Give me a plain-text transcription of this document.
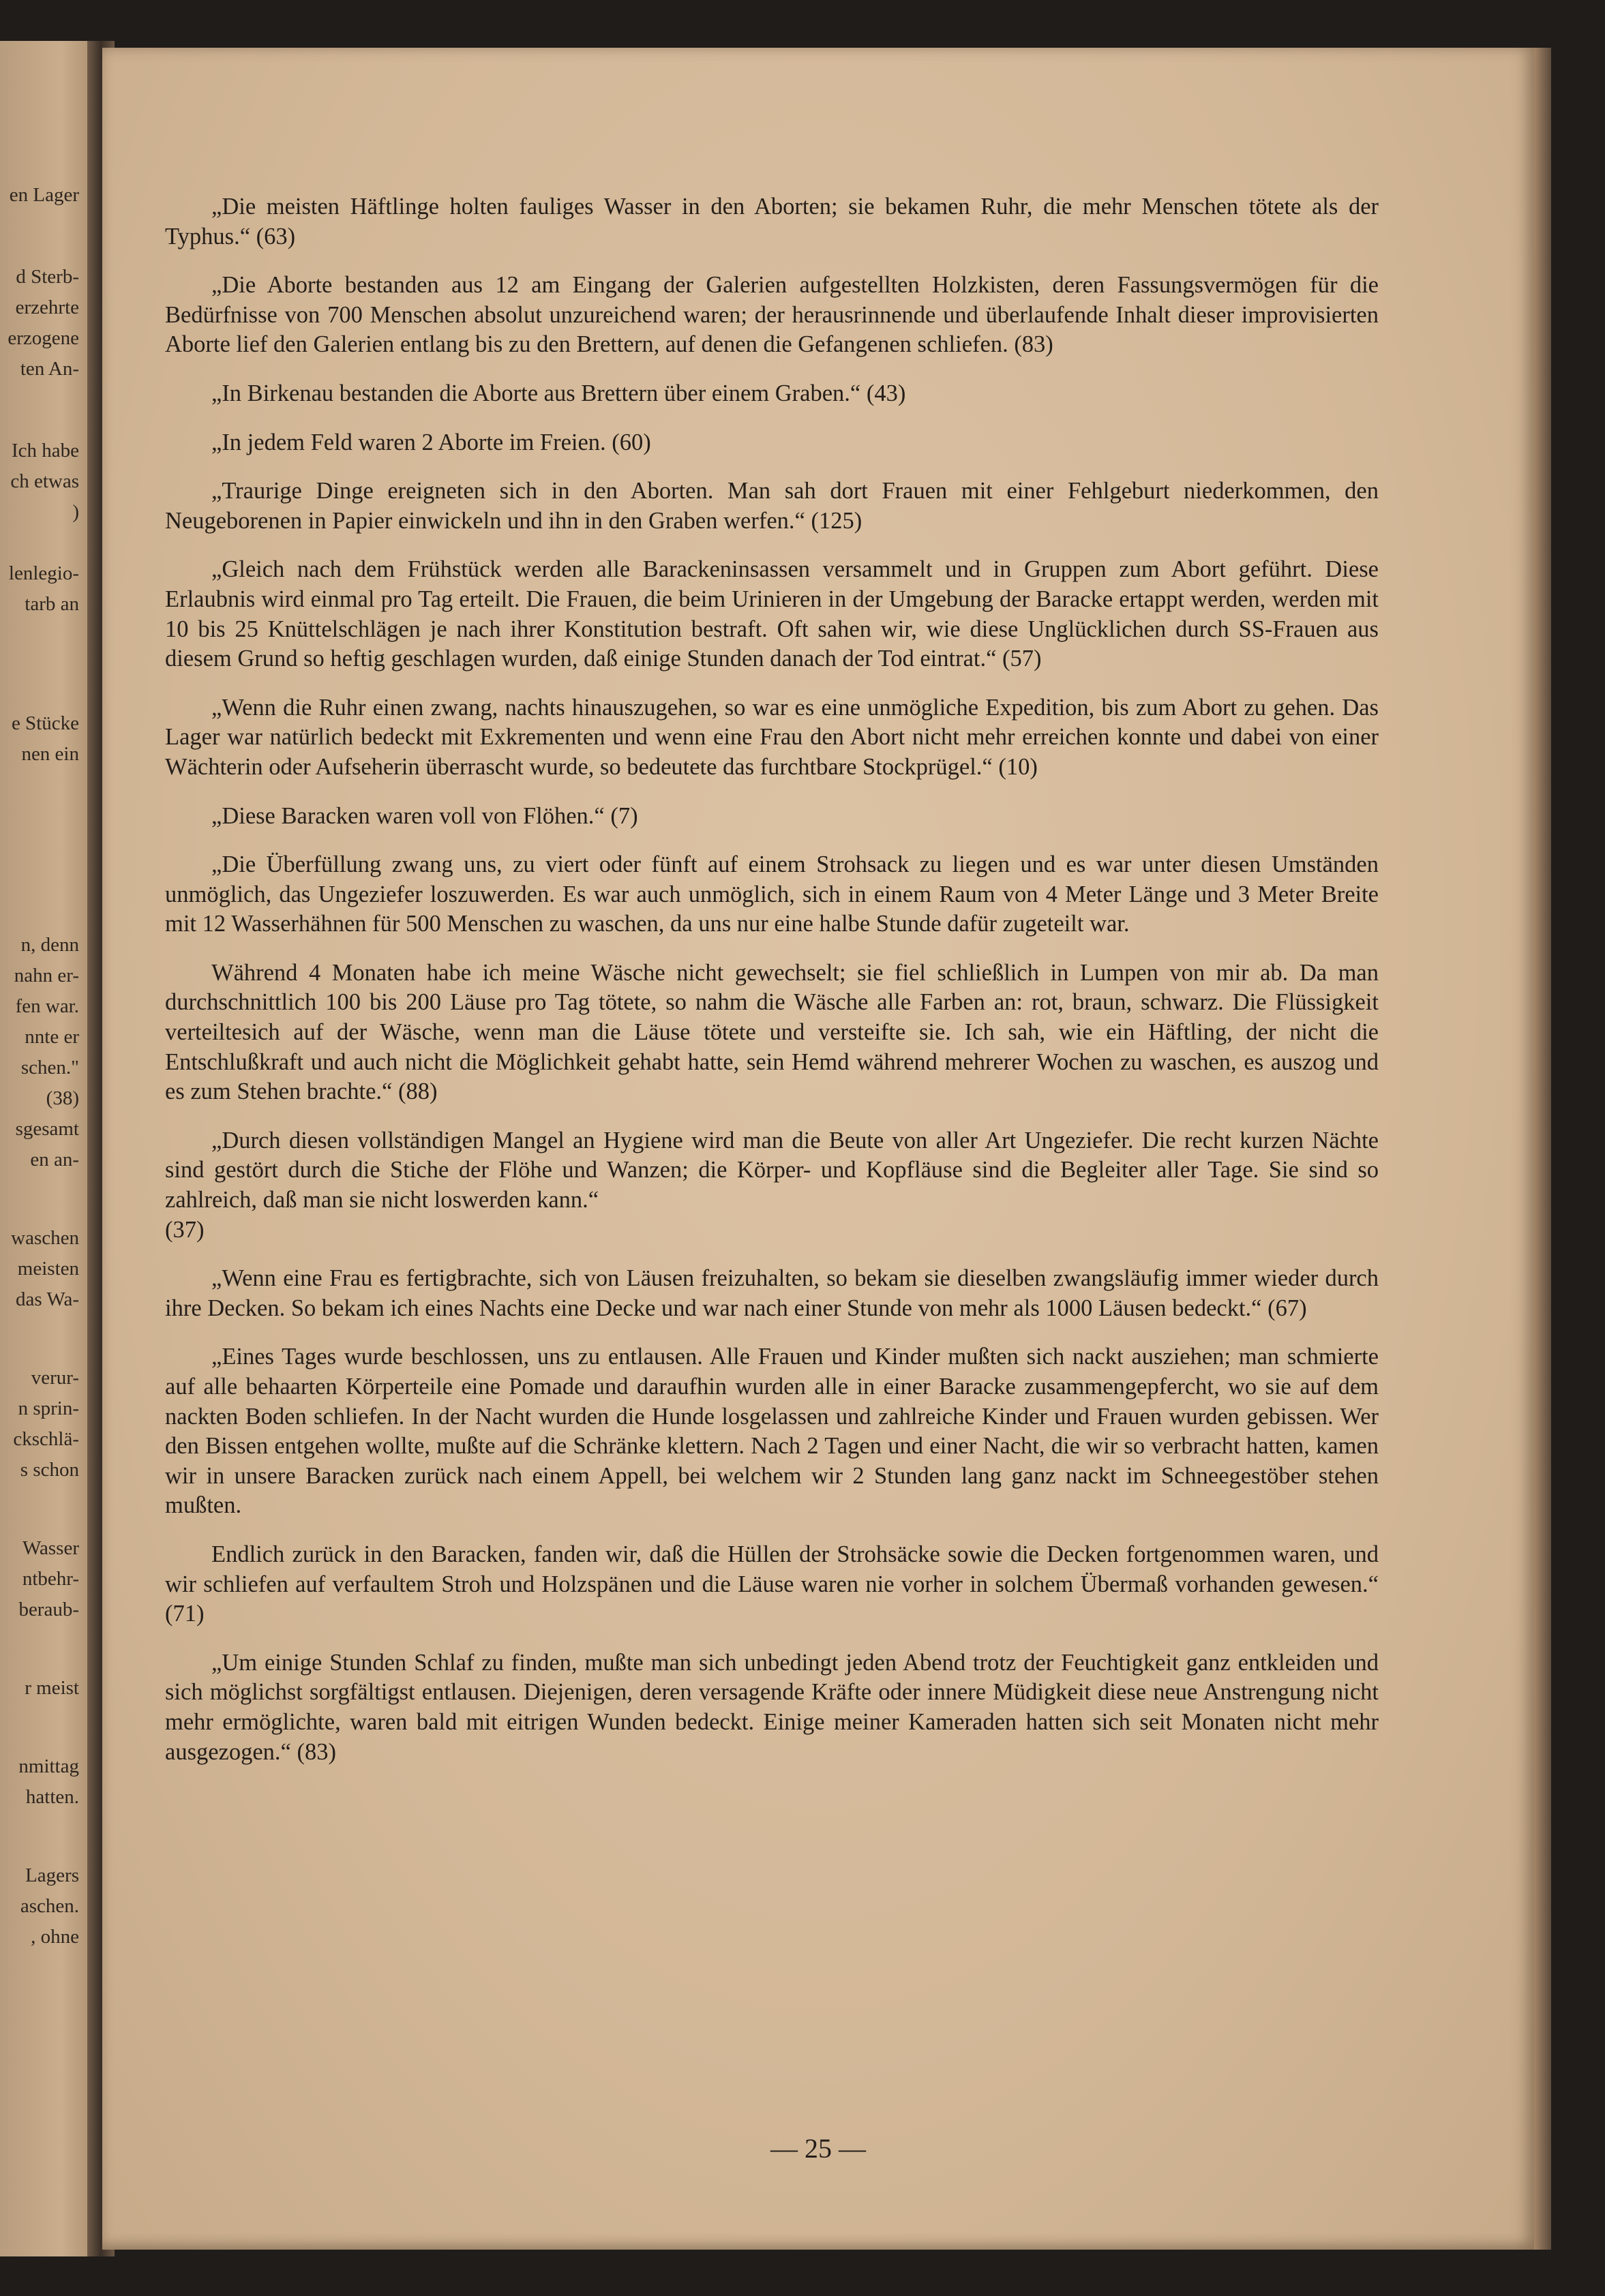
en Lager
d Sterb-
erzehrte
erzogene
ten An-
Ich habe
ch etwas
)
lenlegio-
tarb an
e Stücke
nen ein
n, denn
nahn er-
fen war.
nnte er
schen."
(38)
sgesamt
en an-
waschen
meisten
das Wa-
verur-
n sprin-
ckschlä-
s schon
Wasser
ntbehr-
beraub-
r meist
nmittag
hatten.
Lagers
aschen.
, ohne

„Die meisten Häftlinge holten fauliges Wasser in den Aborten; sie bekamen Ruhr, die mehr Menschen tötete als der Typhus.“ (63)

„Die Aborte bestanden aus 12 am Eingang der Galerien aufgestellten Holzkisten, deren Fassungsvermögen für die Bedürfnisse von 700 Menschen absolut unzureichend waren; der herausrinnende und überlaufende Inhalt dieser improvisierten Aborte lief den Galerien entlang bis zu den Brettern, auf denen die Gefangenen schliefen. (83)

„In Birkenau bestanden die Aborte aus Brettern über einem Graben.“ (43)

„In jedem Feld waren 2 Aborte im Freien. (60)

„Traurige Dinge ereigneten sich in den Aborten. Man sah dort Frauen mit einer Fehlgeburt niederkommen, den Neugeborenen in Papier einwickeln und ihn in den Graben werfen.“ (125)

„Gleich nach dem Frühstück werden alle Barackeninsassen versammelt und in Gruppen zum Abort geführt. Diese Erlaubnis wird einmal pro Tag erteilt. Die Frauen, die beim Urinieren in der Umgebung der Baracke ertappt werden, werden mit 10 bis 25 Knüttelschlägen je nach ihrer Konstitution bestraft. Oft sahen wir, wie diese Unglücklichen durch SS-Frauen aus diesem Grund so heftig geschlagen wurden, daß einige Stunden danach der Tod eintrat.“ (57)

„Wenn die Ruhr einen zwang, nachts hinauszugehen, so war es eine unmögliche Expedition, bis zum Abort zu gehen. Das Lager war natürlich bedeckt mit Exkrementen und wenn eine Frau den Abort nicht mehr erreichen konnte und dabei von einer Wächterin oder Aufseherin überrascht wurde, so bedeutete das furchtbare Stockprügel.“ (10)

„Diese Baracken waren voll von Flöhen.“ (7)

„Die Überfüllung zwang uns, zu viert oder fünft auf einem Strohsack zu liegen und es war unter diesen Umständen unmöglich, das Ungeziefer loszuwerden. Es war auch unmöglich, sich in einem Raum von 4 Meter Länge und 3 Meter Breite mit 12 Wasserhähnen für 500 Menschen zu waschen, da uns nur eine halbe Stunde dafür zugeteilt war.

Während 4 Monaten habe ich meine Wäsche nicht gewechselt; sie fiel schließlich in Lumpen von mir ab. Da man durchschnittlich 100 bis 200 Läuse pro Tag tötete, so nahm die Wäsche alle Farben an: rot, braun, schwarz. Die Flüssigkeit verteiltesich auf der Wäsche, wenn man die Läuse tötete und versteifte sie. Ich sah, wie ein Häftling, der nicht die Entschlußkraft und auch nicht die Möglichkeit gehabt hatte, sein Hemd während mehrerer Wochen zu waschen, es auszog und es zum Stehen brachte.“ (88)

„Durch diesen vollständigen Mangel an Hygiene wird man die Beute von aller Art Ungeziefer. Die recht kurzen Nächte sind gestört durch die Stiche der Flöhe und Wanzen; die Körper- und Kopfläuse sind die Begleiter aller Tage. Sie sind so zahlreich, daß man sie nicht loswerden kann.“

(37)

„Wenn eine Frau es fertigbrachte, sich von Läusen freizuhalten, so bekam sie dieselben zwangsläufig immer wieder durch ihre Decken. So bekam ich eines Nachts eine Decke und war nach einer Stunde von mehr als 1000 Läusen bedeckt.“ (67)

„Eines Tages wurde beschlossen, uns zu entlausen. Alle Frauen und Kinder mußten sich nackt ausziehen; man schmierte auf alle behaarten Körperteile eine Pomade und daraufhin wurden alle in einer Baracke zusammengepfercht, wo sie auf dem nackten Boden schliefen. In der Nacht wurden die Hunde losgelassen und zahlreiche Kinder und Frauen wurden gebissen. Wer den Bissen entgehen wollte, mußte auf die Schränke klettern. Nach 2 Tagen und einer Nacht, die wir so verbracht hatten, kamen wir in unsere Baracken zurück nach einem Appell, bei welchem wir 2 Stunden lang ganz nackt im Schneegestöber stehen mußten.

Endlich zurück in den Baracken, fanden wir, daß die Hüllen der Strohsäcke sowie die Decken fortgenommen waren, und wir schliefen auf verfaultem Stroh und Holzspänen und die Läuse waren nie vorher in solchem Übermaß vorhanden gewesen.“ (71)

„Um einige Stunden Schlaf zu finden, mußte man sich unbedingt jeden Abend trotz der Feuchtigkeit ganz entkleiden und sich möglichst sorgfältigst entlausen. Diejenigen, deren versagende Kräfte oder innere Müdigkeit diese neue Anstrengung nicht mehr ermöglichte, waren bald mit eitrigen Wunden bedeckt. Einige meiner Kameraden hatten sich seit Monaten nicht mehr ausgezogen.“ (83)

— 25 —
